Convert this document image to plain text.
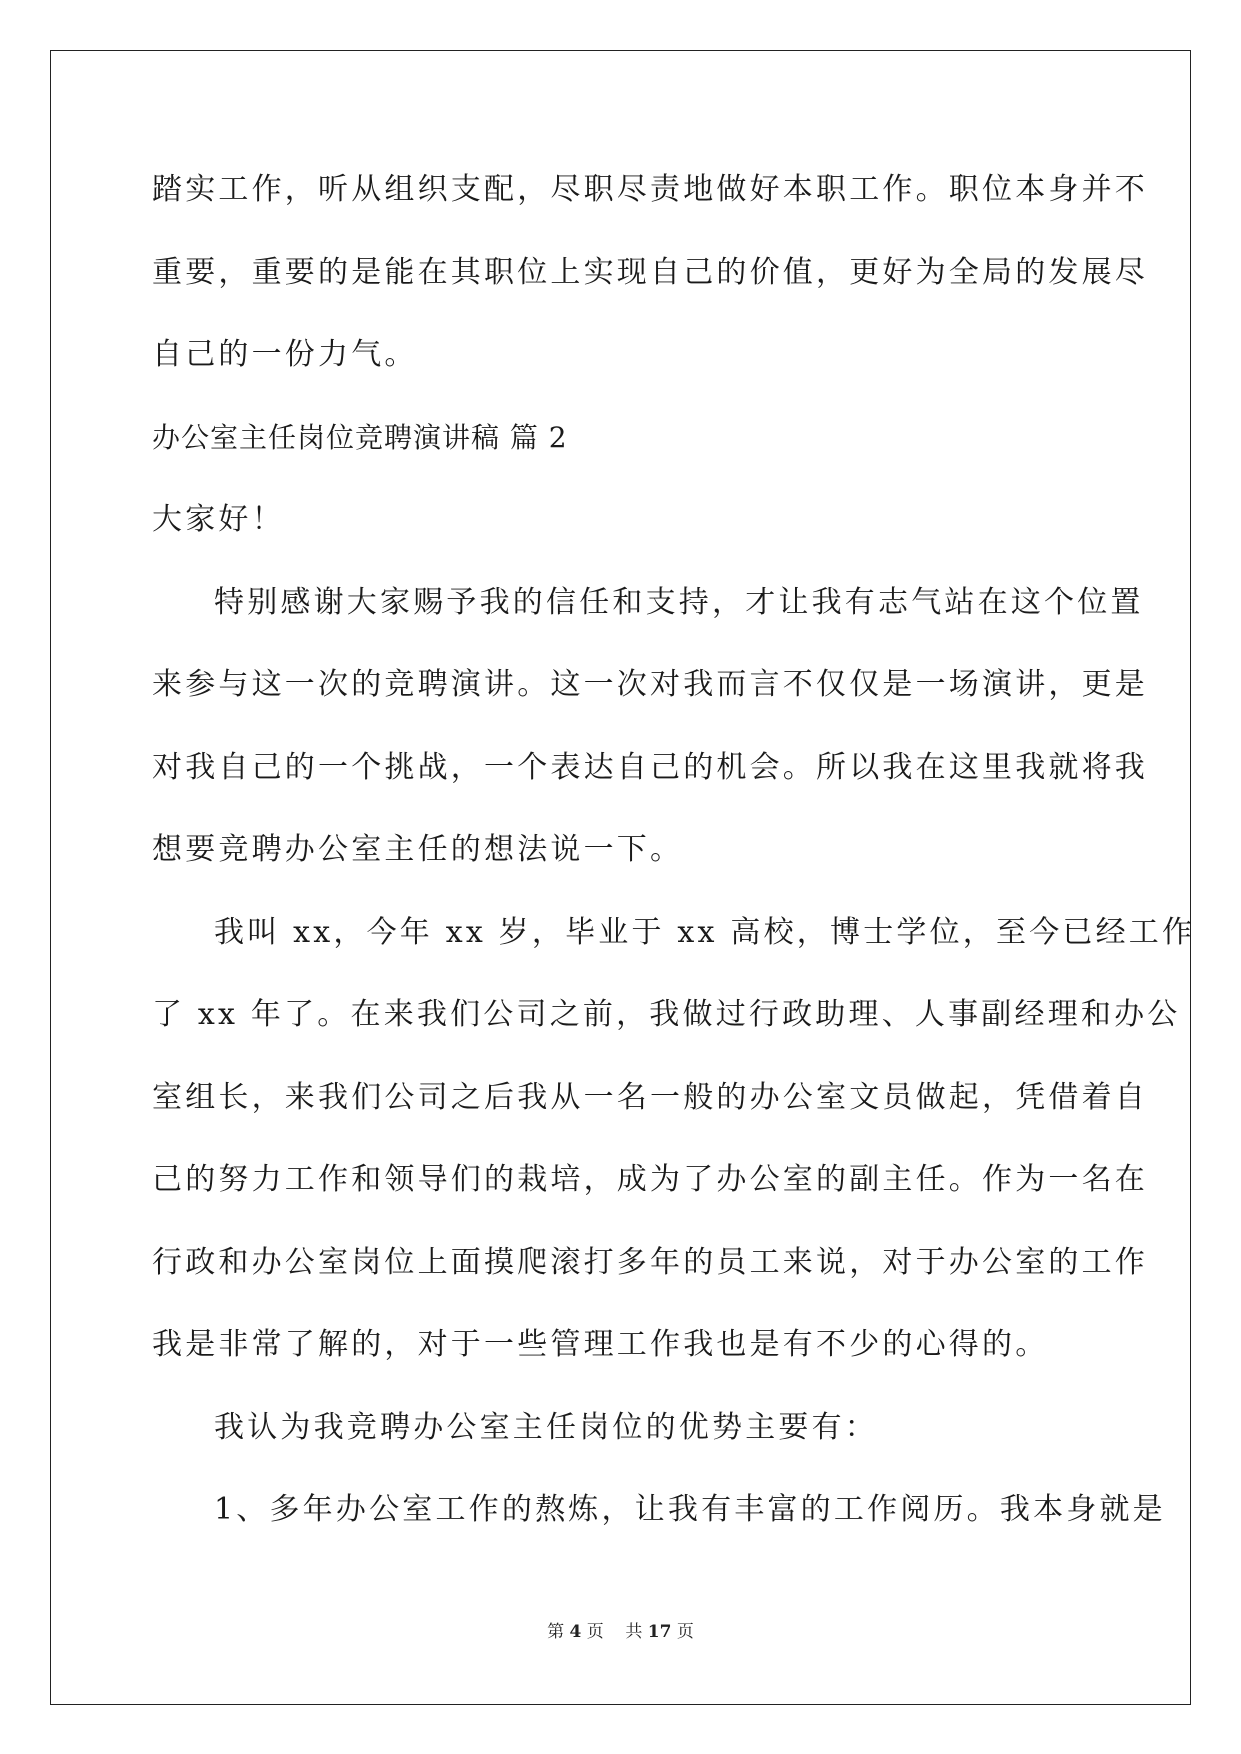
踏实工作，听从组织支配，尽职尽责地做好本职工作。职位本身并不
重要，重要的是能在其职位上实现自己的价值，更好为全局的发展尽
自己的一份力气。
办公室主任岗位竞聘演讲稿 篇 2
大家好！
特别感谢大家赐予我的信任和支持，才让我有志气站在这个位置
来参与这一次的竞聘演讲。这一次对我而言不仅仅是一场演讲，更是
对我自己的一个挑战，一个表达自己的机会。所以我在这里我就将我
想要竞聘办公室主任的想法说一下。
我叫 xx，今年 xx 岁，毕业于 xx 高校，博士学位，至今已经工作
了 xx 年了。在来我们公司之前，我做过行政助理、人事副经理和办公
室组长，来我们公司之后我从一名一般的办公室文员做起，凭借着自
己的努力工作和领导们的栽培，成为了办公室的副主任。作为一名在
行政和办公室岗位上面摸爬滚打多年的员工来说，对于办公室的工作
我是非常了解的，对于一些管理工作我也是有不少的心得的。
我认为我竞聘办公室主任岗位的优势主要有：
1、多年办公室工作的熬炼，让我有丰富的工作阅历。我本身就是
第 4 页 共 17 页
